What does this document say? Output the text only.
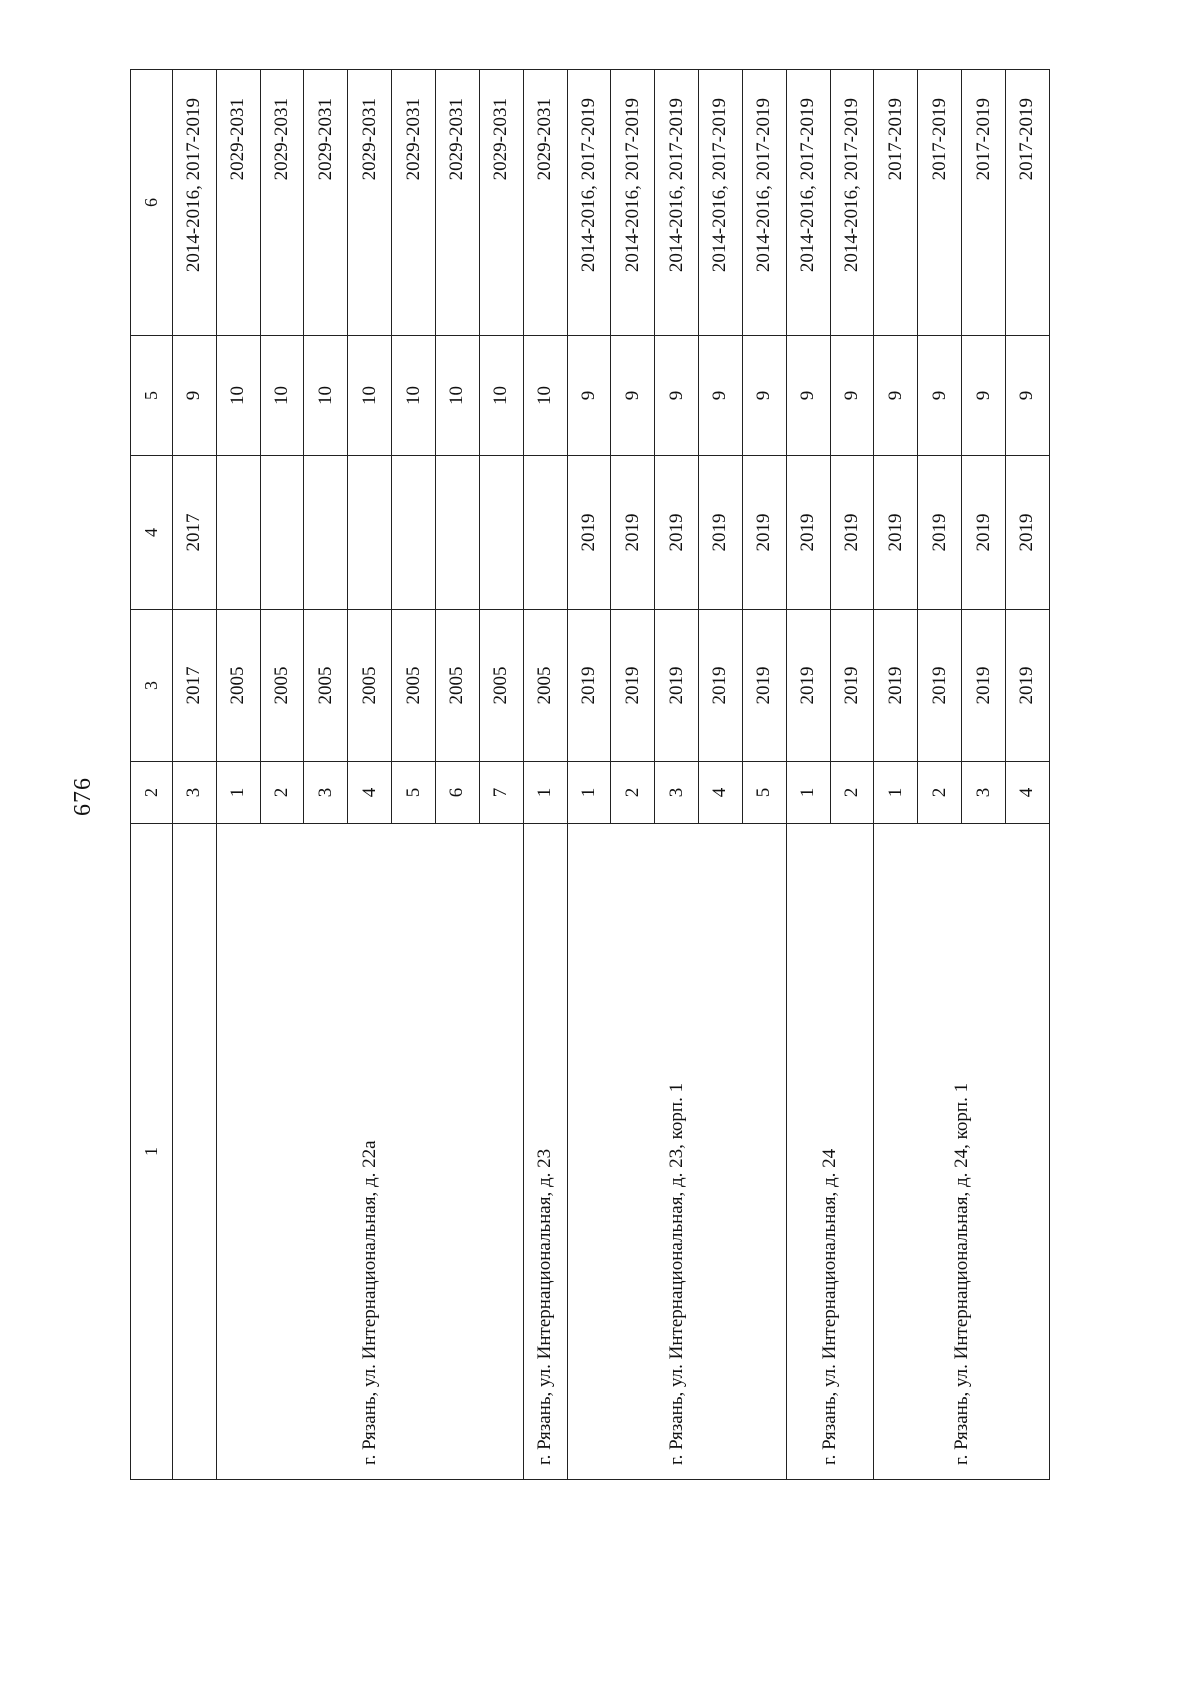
676
1	2	3	4	5	6
	3	2017	2017	9	2014-2016, 2017-2019
г. Рязань, ул. Интернациональная, д. 22а	1	2005		10	2029-2031
	2	2005		10	2029-2031
	3	2005		10	2029-2031
	4	2005		10	2029-2031
	5	2005		10	2029-2031
	6	2005		10	2029-2031
	7	2005		10	2029-2031
г. Рязань, ул. Интернациональная, д. 23	1	2005		10	2029-2031
г. Рязань, ул. Интернациональная, д. 23, корп. 1	1	2019	2019	9	2014-2016, 2017-2019
	2	2019	2019	9	2014-2016, 2017-2019
	3	2019	2019	9	2014-2016, 2017-2019
	4	2019	2019	9	2014-2016, 2017-2019
	5	2019	2019	9	2014-2016, 2017-2019
г. Рязань, ул. Интернациональная, д. 24	1	2019	2019	9	2014-2016, 2017-2019
	2	2019	2019	9	2014-2016, 2017-2019
г. Рязань, ул. Интернациональная, д. 24, корп. 1	1	2019	2019	9	2017-2019
	2	2019	2019	9	2017-2019
	3	2019	2019	9	2017-2019
	4	2019	2019	9	2017-2019
